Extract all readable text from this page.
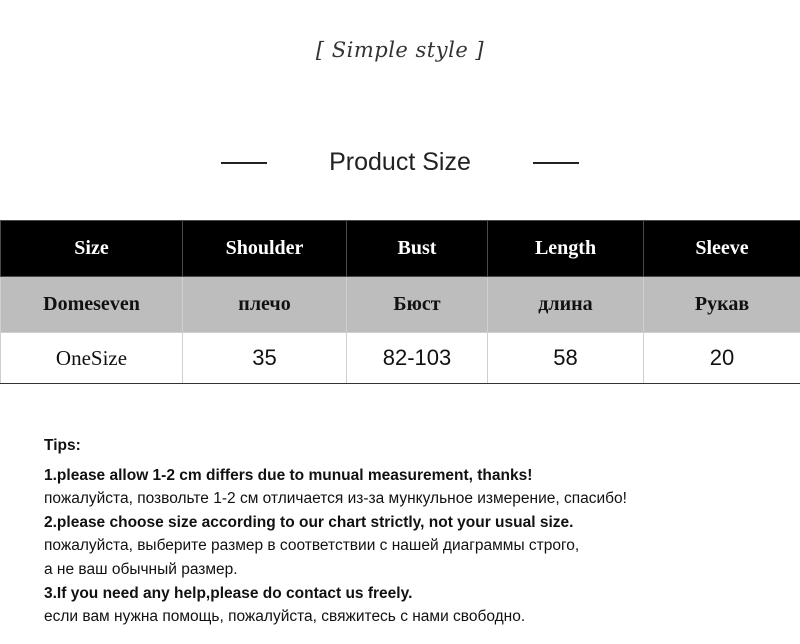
[ Simple style ]
Product Size
Size	Shoulder	Bust	Length	Sleeve
Domeseven	плечо	Бюст	длина	Рукав
OneSize	35	82-103	58	20
Tips:
1.please allow 1-2 cm differs due to munual measurement, thanks!
пожалуйста, позвольте 1-2 см отличается из-за мункульное измерение, спасибо!
2.please choose size according to our chart strictly, not your usual size.
пожалуйста, выберите размер в соответствии с нашей диаграммы строго,
а не ваш обычный размер.
3.If you need any help,please do contact us freely.
если вам нужна помощь, пожалуйста, свяжитесь с нами свободно.
